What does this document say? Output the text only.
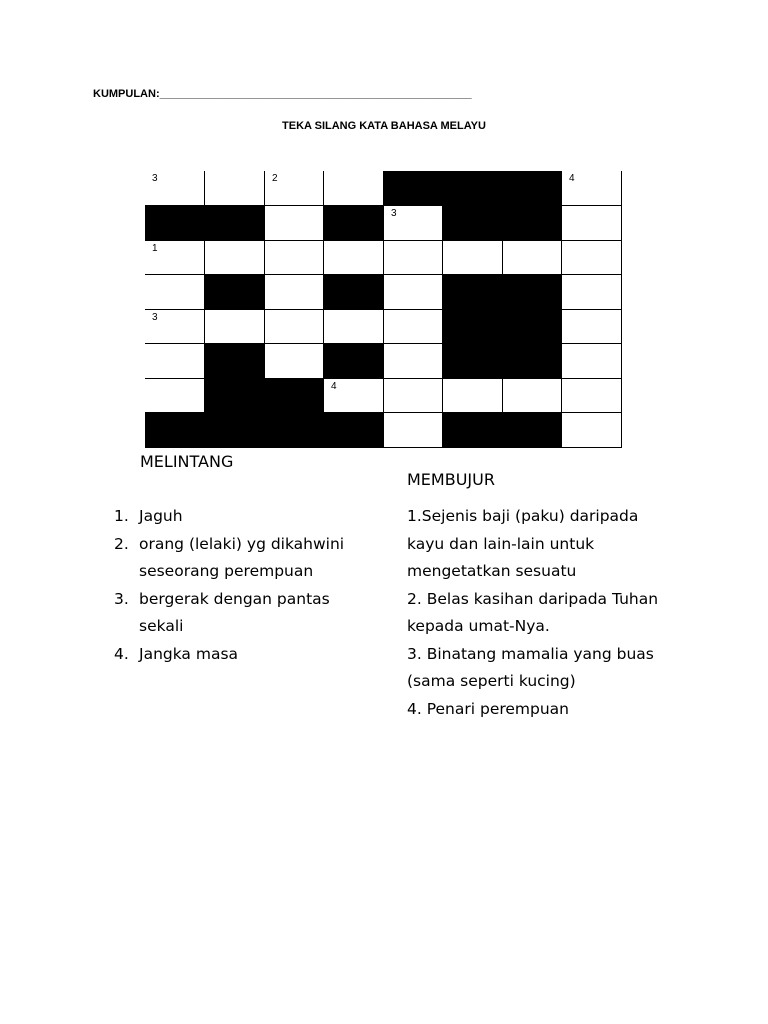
KUMPULAN:___________________________________________________
TEKA SILANG KATA BAHASA MELAYU
3	2	4
3
1
3
4
MELINTANG
1. Jaguh
2. orang (lelaki) yg dikahwini
seseorang perempuan
3. bergerak dengan pantas
sekali
4. Jangka masa
MEMBUJUR
1.Sejenis baji (paku) daripada
kayu dan lain-lain untuk
mengetatkan sesuatu
2. Belas kasihan daripada Tuhan
kepada umat-Nya.
3. Binatang mamalia yang buas
(sama seperti kucing)
4. Penari perempuan
